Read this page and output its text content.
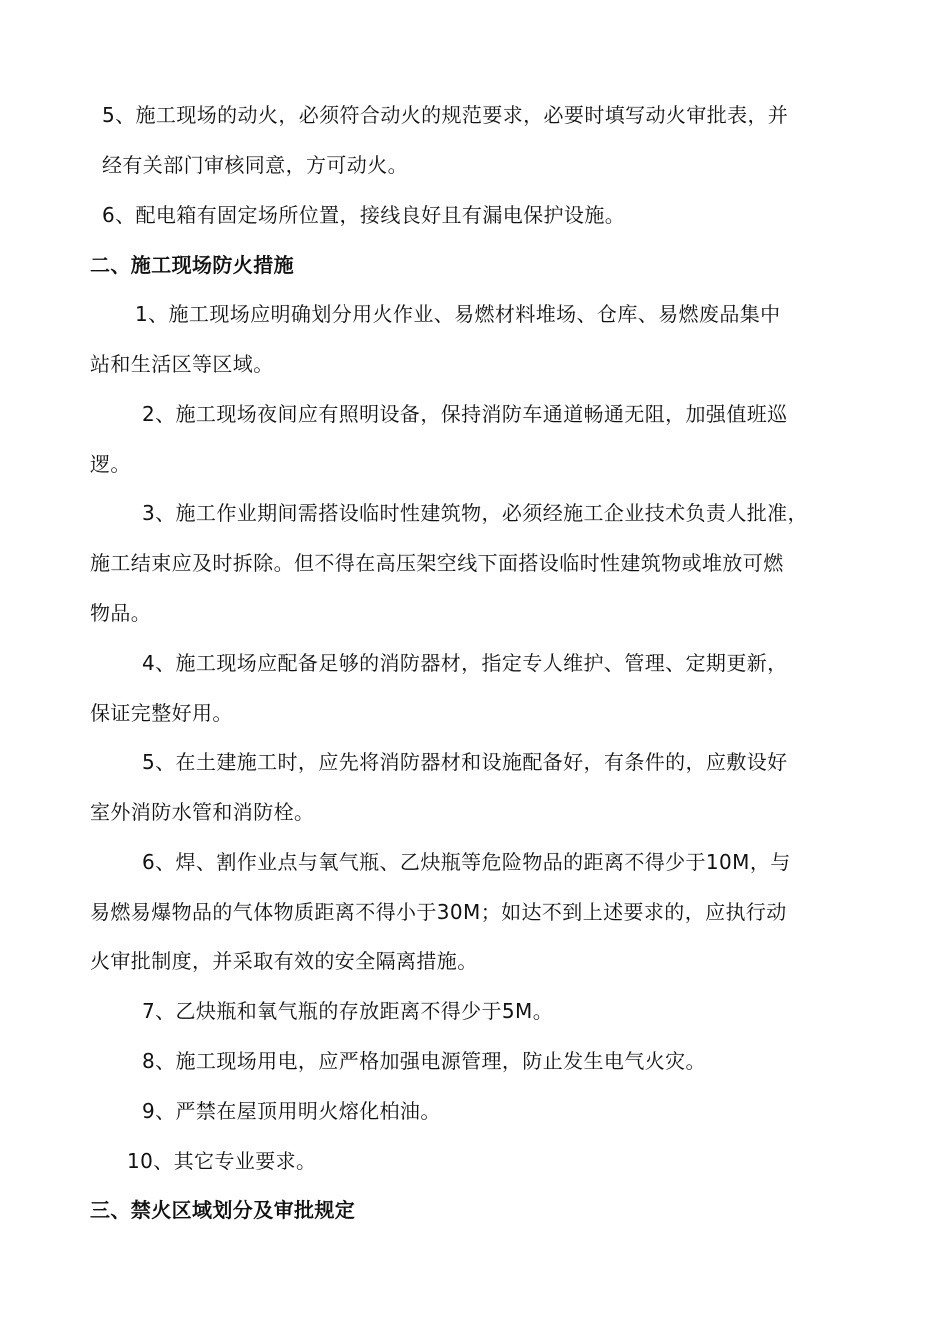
5、施工现场的动火，必须符合动火的规范要求，必要时填写动火审批表，并
经有关部门审核同意，方可动火。
6、配电箱有固定场所位置，接线良好且有漏电保护设施。
二、施工现场防火措施
1、施工现场应明确划分用火作业、易燃材料堆场、仓库、易燃废品集中
站和生活区等区域。
2、施工现场夜间应有照明设备，保持消防车通道畅通无阻，加强值班巡
逻。
3、施工作业期间需搭设临时性建筑物，必须经施工企业技术负责人批准，
施工结束应及时拆除。但不得在高压架空线下面搭设临时性建筑物或堆放可燃
物品。
4、施工现场应配备足够的消防器材，指定专人维护、管理、定期更新，
保证完整好用。
5、在土建施工时，应先将消防器材和设施配备好，有条件的，应敷设好
室外消防水管和消防栓。
6、焊、割作业点与氧气瓶、乙炔瓶等危险物品的距离不得少于10M，与
易燃易爆物品的气体物质距离不得小于30M；如达不到上述要求的，应执行动
火审批制度，并采取有效的安全隔离措施。
7、乙炔瓶和氧气瓶的存放距离不得少于5M。
8、施工现场用电，应严格加强电源管理，防止发生电气火灾。
9、严禁在屋顶用明火熔化柏油。
10、其它专业要求。
三、禁火区域划分及审批规定
